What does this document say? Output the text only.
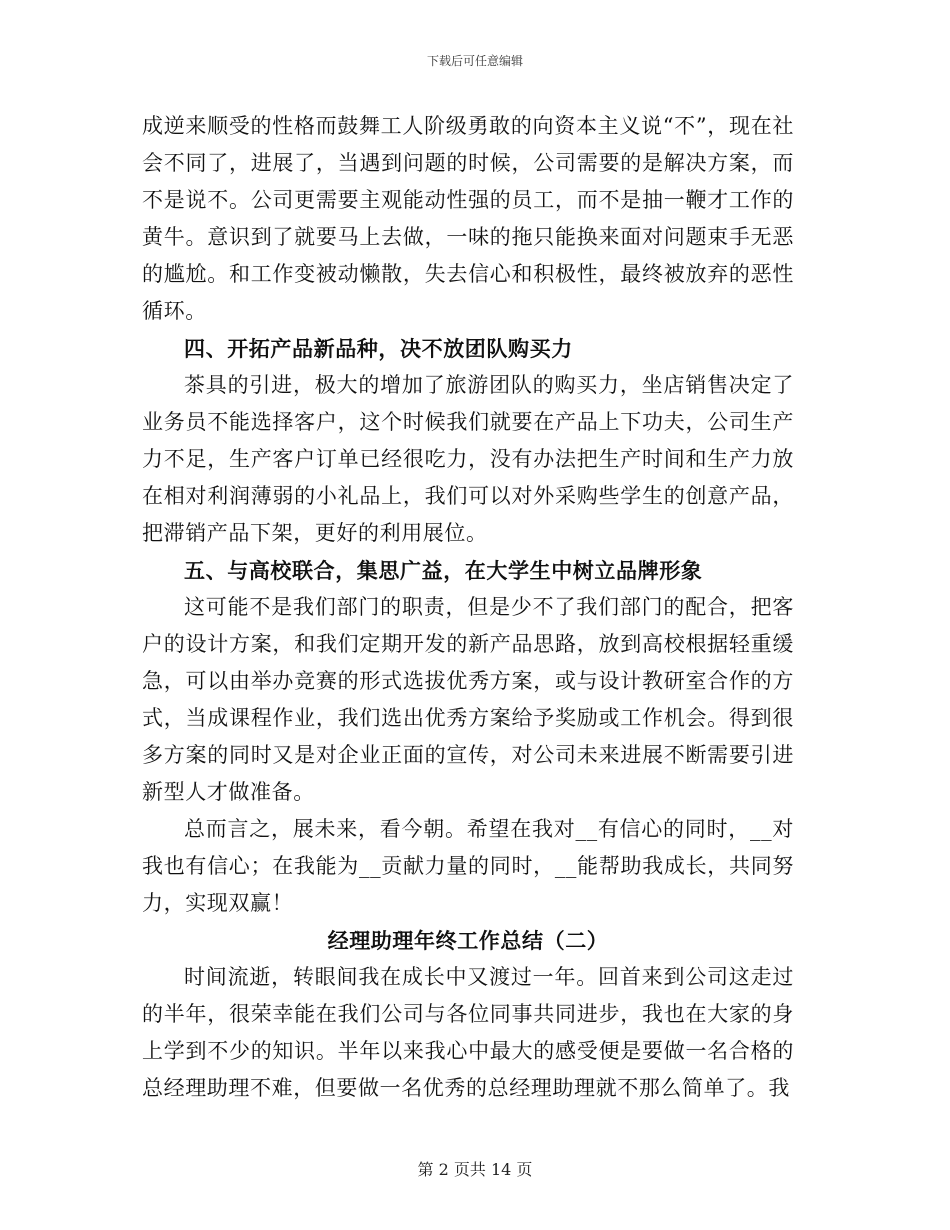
下载后可任意编辑

成逆来顺受的性格而鼓舞工人阶级勇敢的向资本主义说“不”，现在社会不同了，进展了，当遇到问题的时候，公司需要的是解决方案，而不是说不。公司更需要主观能动性强的员工，而不是抽一鞭才工作的黄牛。意识到了就要马上去做，一味的拖只能换来面对问题束手无恶的尴尬。和工作变被动懒散，失去信心和积极性，最终被放弃的恶性循环。

四、开拓产品新品种，决不放团队购买力

茶具的引进，极大的增加了旅游团队的购买力，坐店销售决定了业务员不能选择客户，这个时候我们就要在产品上下功夫，公司生产力不足，生产客户订单已经很吃力，没有办法把生产时间和生产力放在相对利润薄弱的小礼品上，我们可以对外采购些学生的创意产品，把滞销产品下架，更好的利用展位。

五、与高校联合，集思广益，在大学生中树立品牌形象

这可能不是我们部门的职责，但是少不了我们部门的配合，把客户的设计方案，和我们定期开发的新产品思路，放到高校根据轻重缓急，可以由举办竞赛的形式选拔优秀方案，或与设计教研室合作的方式，当成课程作业，我们选出优秀方案给予奖励或工作机会。得到很多方案的同时又是对企业正面的宣传，对公司未来进展不断需要引进新型人才做准备。

总而言之，展未来，看今朝。希望在我对__有信心的同时，__对我也有信心；在我能为__贡献力量的同时，__能帮助我成长，共同努力，实现双赢！

经理助理年终工作总结（二）

时间流逝，转眼间我在成长中又渡过一年。回首来到公司这走过的半年，很荣幸能在我们公司与各位同事共同进步，我也在大家的身上学到不少的知识。半年以来我心中最大的感受便是要做一名合格的总经理助理不难，但要做一名优秀的总经理助理就不那么简单了。我

第 2 页共 14 页
